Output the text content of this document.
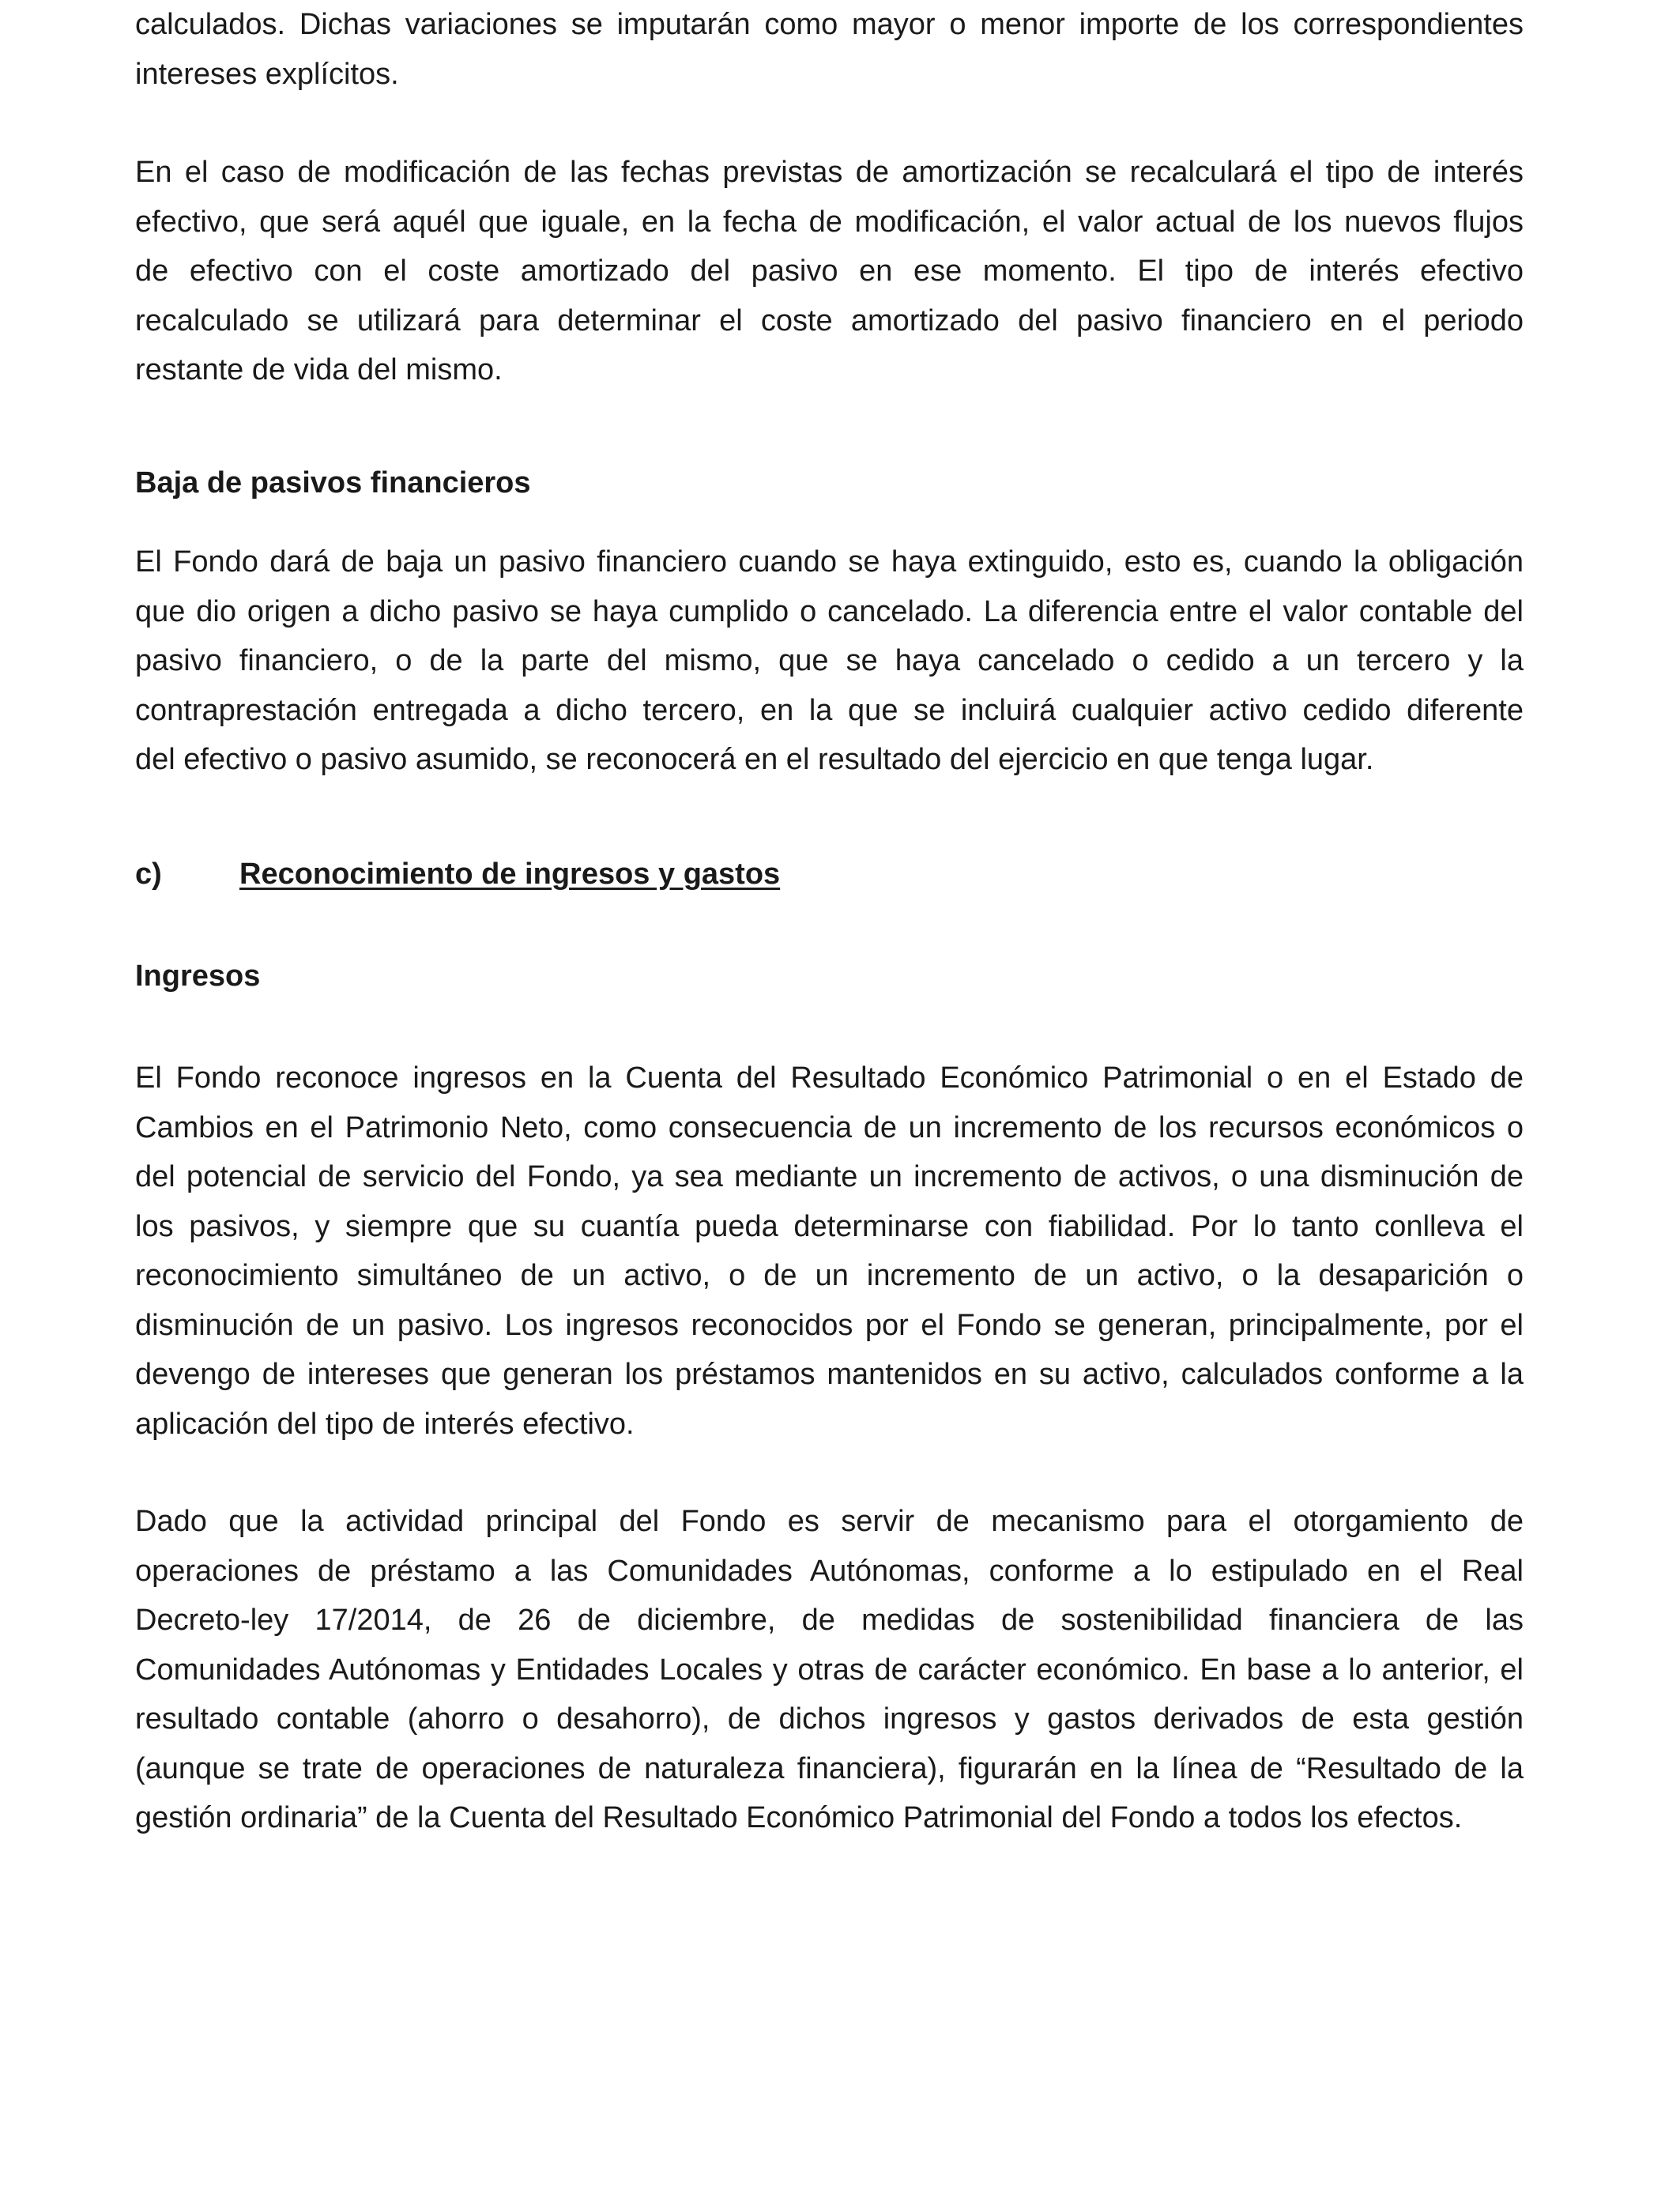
calculados. Dichas variaciones se imputarán como mayor o menor importe de los correspondientes

intereses explícitos.

En el caso de modificación de las fechas previstas de amortización se recalculará el tipo de interés

efectivo, que será aquél que iguale, en la fecha de modificación, el valor actual de los nuevos flujos

de efectivo con el coste amortizado del pasivo en ese momento. El tipo de interés efectivo

recalculado se utilizará para determinar el coste amortizado del pasivo financiero en el periodo

restante de vida del mismo.

Baja de pasivos financieros

El Fondo dará de baja un pasivo financiero cuando se haya extinguido, esto es, cuando la obligación

que dio origen a dicho pasivo se haya cumplido o cancelado. La diferencia entre el valor contable del

pasivo financiero, o de la parte del mismo, que se haya cancelado o cedido a un tercero y la

contraprestación entregada a dicho tercero, en la que se incluirá cualquier activo cedido diferente

del efectivo o pasivo asumido, se reconocerá en el resultado del ejercicio en que tenga lugar.

c)	Reconocimiento de ingresos y gastos
Ingresos

El Fondo reconoce ingresos en la Cuenta del Resultado Económico Patrimonial o en el Estado de

Cambios en el Patrimonio Neto, como consecuencia de un incremento de los recursos económicos o

del potencial de servicio del Fondo, ya sea mediante un incremento de activos, o una disminución de

los pasivos, y siempre que su cuantía pueda determinarse con fiabilidad. Por lo tanto conlleva el

reconocimiento simultáneo de un activo, o de un incremento de un activo, o la desaparición o

disminución de un pasivo. Los ingresos reconocidos por el Fondo se generan, principalmente, por el

devengo de intereses que generan los préstamos mantenidos en su activo, calculados conforme a la

aplicación del tipo de interés efectivo.

Dado que la actividad principal del Fondo es servir de mecanismo para el otorgamiento de

operaciones de préstamo a las Comunidades Autónomas, conforme a lo estipulado en el Real

Decreto-ley 17/2014, de 26 de diciembre, de medidas de sostenibilidad financiera de las

Comunidades Autónomas y Entidades Locales y otras de carácter económico. En base a lo anterior, el

resultado contable (ahorro o desahorro), de dichos ingresos y gastos derivados de esta gestión

(aunque se trate de operaciones de naturaleza financiera), figurarán en la línea de “Resultado de la

gestión ordinaria” de la Cuenta del Resultado Económico Patrimonial del Fondo a todos los efectos.
